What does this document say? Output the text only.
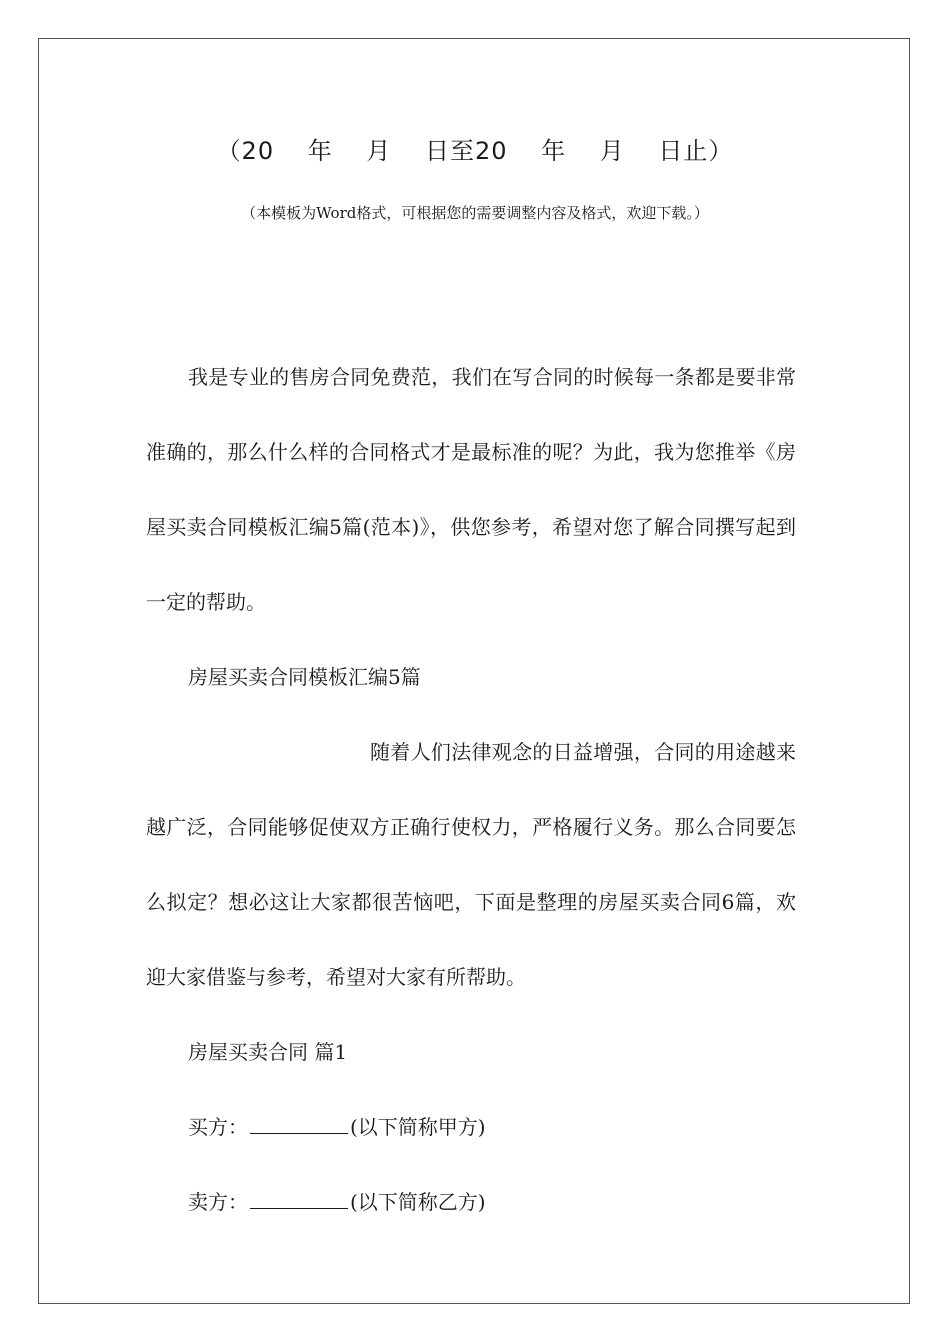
（20　 年 　月 　日至20 　年 　月 　日止）
（本模板为Word格式，可根据您的需要调整内容及格式，欢迎下载。）

我是专业的售房合同免费范，我们在写合同的时候每一条都是要非常准确的，那么什么样的合同格式才是最标准的呢？为此，我为您推举《房屋买卖合同模板汇编5篇(范本)》，供您参考，希望对您了解合同撰写起到一定的帮助。

房屋买卖合同模板汇编5篇

随着人们法律观念的日益增强，合同的用途越来越广泛，合同能够促使双方正确行使权力，严格履行义务。那么合同要怎么拟定？想必这让大家都很苦恼吧，下面是整理的房屋买卖合同6篇，欢迎大家借鉴与参考，希望对大家有所帮助。

房屋买卖合同 篇1

买方：	(以下简称甲方)

卖方：	(以下简称乙方)
